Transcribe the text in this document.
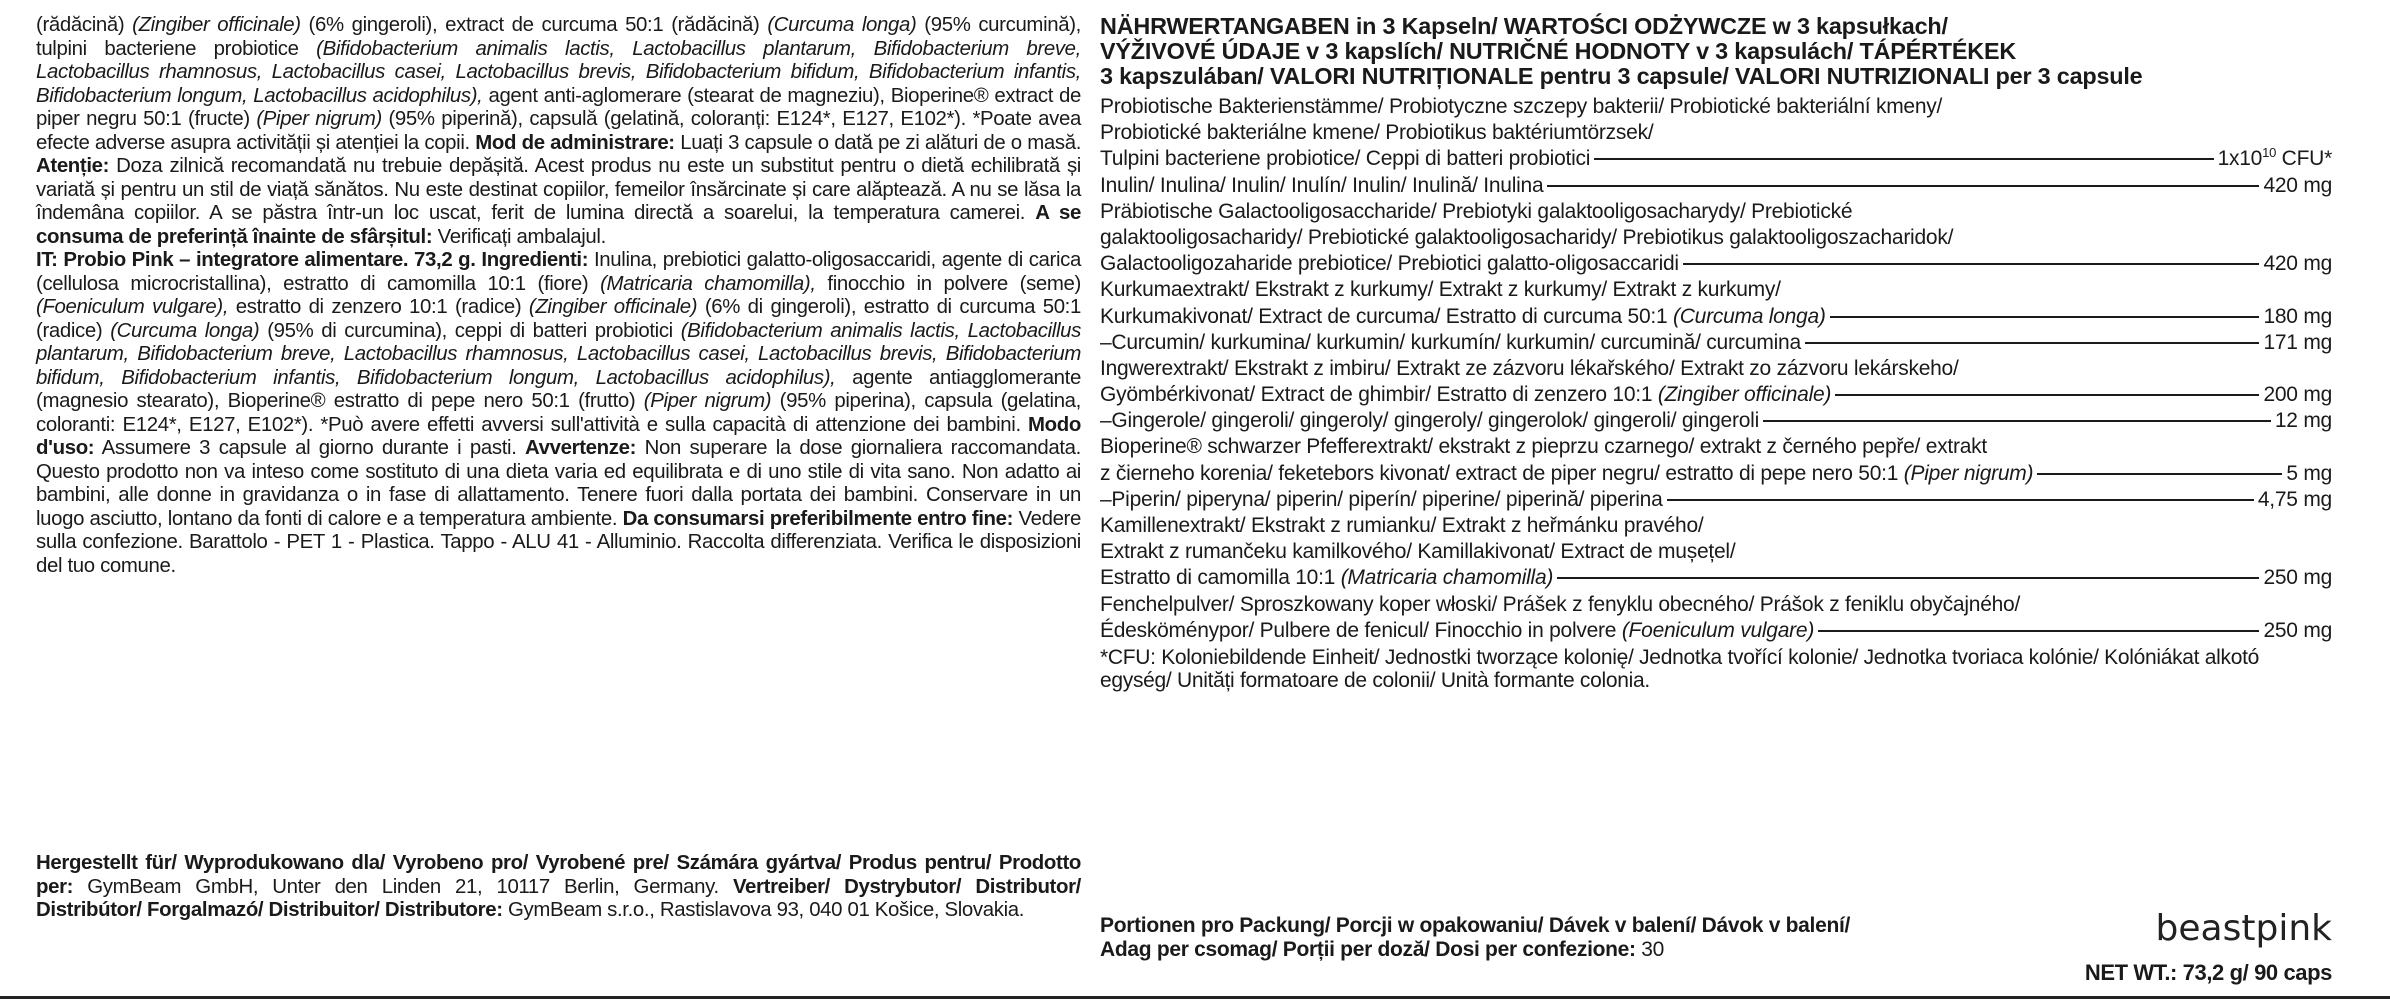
(rădăcină) (Zingiber officinale) (6% gingeroli), extract de curcuma 50:1 (rădăcină) (Curcuma longa) (95% curcumină), tulpini bacteriene probiotice (Bifidobacterium animalis lactis, Lactobacillus plantarum, Bifidobacterium breve, Lactobacillus rhamnosus, Lactobacillus casei, Lactobacillus brevis, Bifidobacterium bifidum, Bifidobacterium infantis, Bifidobacterium longum, Lactobacillus acidophilus), agent anti-aglomerare (stearat de magneziu), Bioperine® extract de piper negru 50:1 (fructe) (Piper nigrum) (95% piperină), capsulă (gelatină, coloranți: E124*, E127, E102*). *Poate avea efecte adverse asupra activității și atenției la copii. Mod de administrare: Luați 3 capsule o dată pe zi alături de o masă. Atenție: Doza zilnică recomandată nu trebuie depășită. Acest produs nu este un substitut pentru o dietă echilibrată și variată și pentru un stil de viață sănătos. Nu este destinat copiilor, femeilor însărcinate și care alăptează. A nu se lăsa la îndemâna copiilor. A se păstra într-un loc uscat, ferit de lumina directă a soarelui, la temperatura camerei. A se consuma de preferință înainte de sfârșitul: Verificați ambalajul.

IT: Probio Pink – integratore alimentare. 73,2 g. Ingredienti: Inulina, prebiotici galatto-oligosaccaridi, agente di carica (cellulosa microcristallina), estratto di camomilla 10:1 (fiore) (Matricaria chamomilla), finocchio in polvere (seme) (Foeniculum vulgare), estratto di zenzero 10:1 (radice) (Zingiber officinale) (6% di gingeroli), estratto di curcuma 50:1 (radice) (Curcuma longa) (95% di curcumina), ceppi di batteri probiotici (Bifidobacterium animalis lactis, Lactobacillus plantarum, Bifidobacterium breve, Lactobacillus rhamnosus, Lactobacillus casei, Lactobacillus brevis, Bifidobacterium bifidum, Bifidobacterium infantis, Bifidobacterium longum, Lactobacillus acidophilus), agente antiagglomerante (magnesio stearato), Bioperine® estratto di pepe nero 50:1 (frutto) (Piper nigrum) (95% piperina), capsula (gelatina, coloranti: E124*, E127, E102*). *Può avere effetti avversi sull'attività e sulla capacità di attenzione dei bambini. Modo d'uso: Assumere 3 capsule al giorno durante i pasti. Avvertenze: Non superare la dose giornaliera raccomandata. Questo prodotto non va inteso come sostituto di una dieta varia ed equilibrata e di uno stile di vita sano. Non adatto ai bambini, alle donne in gravidanza o in fase di allattamento. Tenere fuori dalla portata dei bambini. Conservare in un luogo asciutto, lontano da fonti di calore e a temperatura ambiente. Da consumarsi preferibilmente entro fine: Vedere sulla confezione. Barattolo - PET 1 - Plastica. Tappo - ALU 41 - Alluminio. Raccolta differenziata. Verifica le disposizioni del tuo comune.

Hergestellt für/ Wyprodukowano dla/ Vyrobeno pro/ Vyrobené pre/ Számára gyártva/ Produs pentru/ Prodotto per: GymBeam GmbH, Unter den Linden 21, 10117 Berlin, Germany. Vertreiber/ Dystrybutor/ Distributor/ Distribútor/ Forgalmazó/ Distribuitor/ Distributore: GymBeam s.r.o., Rastislavova 93, 040 01 Košice, Slovakia.

NÄHRWERTANGABEN in 3 Kapseln/ WARTOŚCI ODŻYWCZE w 3 kapsułkach/
VÝŽIVOVÉ ÚDAJE v 3 kapslích/ NUTRIČNÉ HODNOTY v 3 kapsulách/ TÁPÉRTÉKEK
3 kapszulában/ VALORI NUTRIȚIONALE pentru 3 capsule/ VALORI NUTRIZIONALI per 3 capsule
Probiotische Bakterienstämme/ Probiotyczne szczepy bakterii/ Probiotické bakteriální kmeny/
Probiotické bakteriálne kmene/ Probiotikus baktériumtörzsek/
Tulpini bacteriene probiotice/ Ceppi di batteri probiotici	$1x10^{10}$ CFU*
Inulin/ Inulina/ Inulin/ Inulín/ Inulin/ Inulină/ Inulina	420 mg
Präbiotische Galactooligosaccharide/ Prebiotyki galaktooligosacharydy/ Prebiotické
galaktooligosacharidy/ Prebiotické galaktooligosacharidy/ Prebiotikus galaktooligoszacharidok/
Galactooligozaharide prebiotice/ Prebiotici galatto-oligosaccaridi	420 mg
Kurkumaextrakt/ Ekstrakt z kurkumy/ Extrakt z kurkumy/ Extrakt z kurkumy/
Kurkumakivonat/ Extract de curcuma/ Estratto di curcuma 50:1 (Curcuma longa)	180 mg
–Curcumin/ kurkumina/ kurkumin/ kurkumín/ kurkumin/ curcumină/ curcumina	171 mg
Ingwerextrakt/ Ekstrakt z imbiru/ Extrakt ze zázvoru lékařského/ Extrakt zo zázvoru lekárskeho/
Gyömbérkivonat/ Extract de ghimbir/ Estratto di zenzero 10:1 (Zingiber officinale)	200 mg
–Gingerole/ gingeroli/ gingeroly/ gingeroly/ gingerolok/ gingeroli/ gingeroli	12 mg
Bioperine® schwarzer Pfefferextrakt/ ekstrakt z pieprzu czarnego/ extrakt z černého pepře/ extrakt
z čierneho korenia/ feketebors kivonat/ extract de piper negru/ estratto di pepe nero 50:1 (Piper nigrum)	5 mg
–Piperin/ piperyna/ piperin/ piperín/ piperine/ piperină/ piperina	4,75 mg
Kamillenextrakt/ Ekstrakt z rumianku/ Extrakt z heřmánku pravého/
Extrakt z rumančeku kamilkového/ Kamillakivonat/ Extract de mușețel/
Estratto di camomilla 10:1 (Matricaria chamomilla)	250 mg
Fenchelpulver/ Sproszkowany koper włoski/ Prášek z fenyklu obecného/ Prášok z feniklu obyčajného/
Édesköménypor/ Pulbere de fenicul/ Finocchio in polvere (Foeniculum vulgare)	250 mg
*CFU: Koloniebildende Einheit/ Jednostki tworzące kolonię/ Jednotka tvořící kolonie/ Jednotka tvoriaca kolónie/ Kolóniákat alkotó egység/ Unități formatoare de colonii/ Unità formante colonia.
Portionen pro Packung/ Porcji w opakowaniu/ Dávek v balení/ Dávok v balení/ Adag per csomag/ Porții per doză/ Dosi per confezione: 30
beastpink
NET WT.: 73,2 g/ 90 caps
